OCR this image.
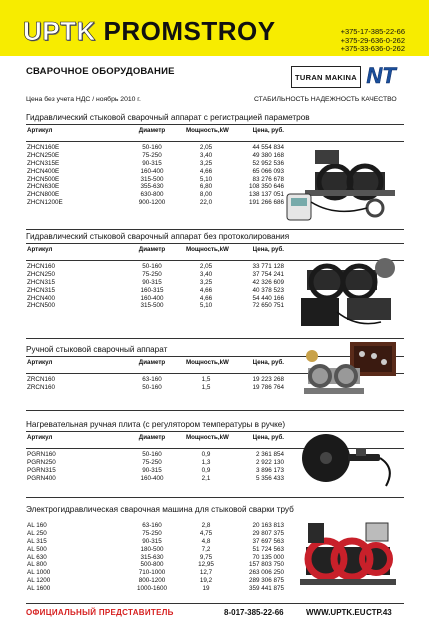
UPTK PROMSTROY	+375-17-385-22-66
+375-29-636-0-262
+375-33-636-0-262
СВАРОЧНОЕ ОБОРУДОВАНИЕ	TURAN MAKINA NT
Цена без учета НДС / ноябрь 2010 г.	СТАБИЛЬНОСТЬ НАДЕЖНОСТЬ КАЧЕСТВО
Гидравлический стыковой сварочный аппарат с регистрацией параметров
Артикул	Диаметр	Мощность,kW	Цена, руб.
ZHCN160E	50-160	2,05	44 554 834
ZHCN250E	75-250	3,40	49 380 168
ZHCN315E	90-315	3,25	52 952 536
ZHCN400E	160-400	4,66	65 066 093
ZHCN500E	315-500	5,10	83 276 678
ZHCN630E	355-630	6,80	108 350 646
ZHCN800E	630-800	8,00	138 137 051
ZHCN1200E	900-1200	22,0	191 266 686
Гидравлический стыковой сварочный аппарат без протоколирования
Артикул	Диаметр	Мощность,kW	Цена, руб.
ZHCN160	50-160	2,05	33 771 128
ZHCN250	75-250	3,40	37 754 241
ZHCN315	90-315	3,25	42 326 609
ZHCN315	160-315	4,66	40 378 523
ZHCN400	160-400	4,66	54 440 166
ZHCN500	315-500	5,10	72 650 751
Ручной стыковой сварочный аппарат
Артикул	Диаметр	Мощность,kW	Цена, руб.
ZRCN160	63-160	1,5	19 223 268
ZRCN160	50-160	1,5	19 786 764
Нагревательная ручная плита (с регулятором температуры в ручке)
Артикул	Диаметр	Мощность,kW	Цена, руб.
PGRN160	50-160	0,9	2 361 854
PGRN250	75-250	1,3	2 922 130
PGRN315	90-315	0,9	3 896 173
PGRN400	160-400	2,1	5 356 433
Электрогидравлическая сварочная машина для стыковой сварки труб
AL 160	63-160	2,8	20 163 813
AL 250	75-250	4,75	29 807 375
AL 315	90-315	4,8	37 697 563
AL 500	180-500	7,2	51 724 563
AL 630	315-630	9,75	70 135 000
AL 800	500-800	12,95	157 803 750
AL 1000	710-1000	12,7	263 006 250
AL 1200	800-1200	19,2	289 306 875
AL 1600	1000-1600	19	359 441 875
ОФИЦИАЛЬНЫЙ ПРЕДСТАВИТЕЛЬ	8-017-385-22-66	WWW.UPTK.EU СТР.43
